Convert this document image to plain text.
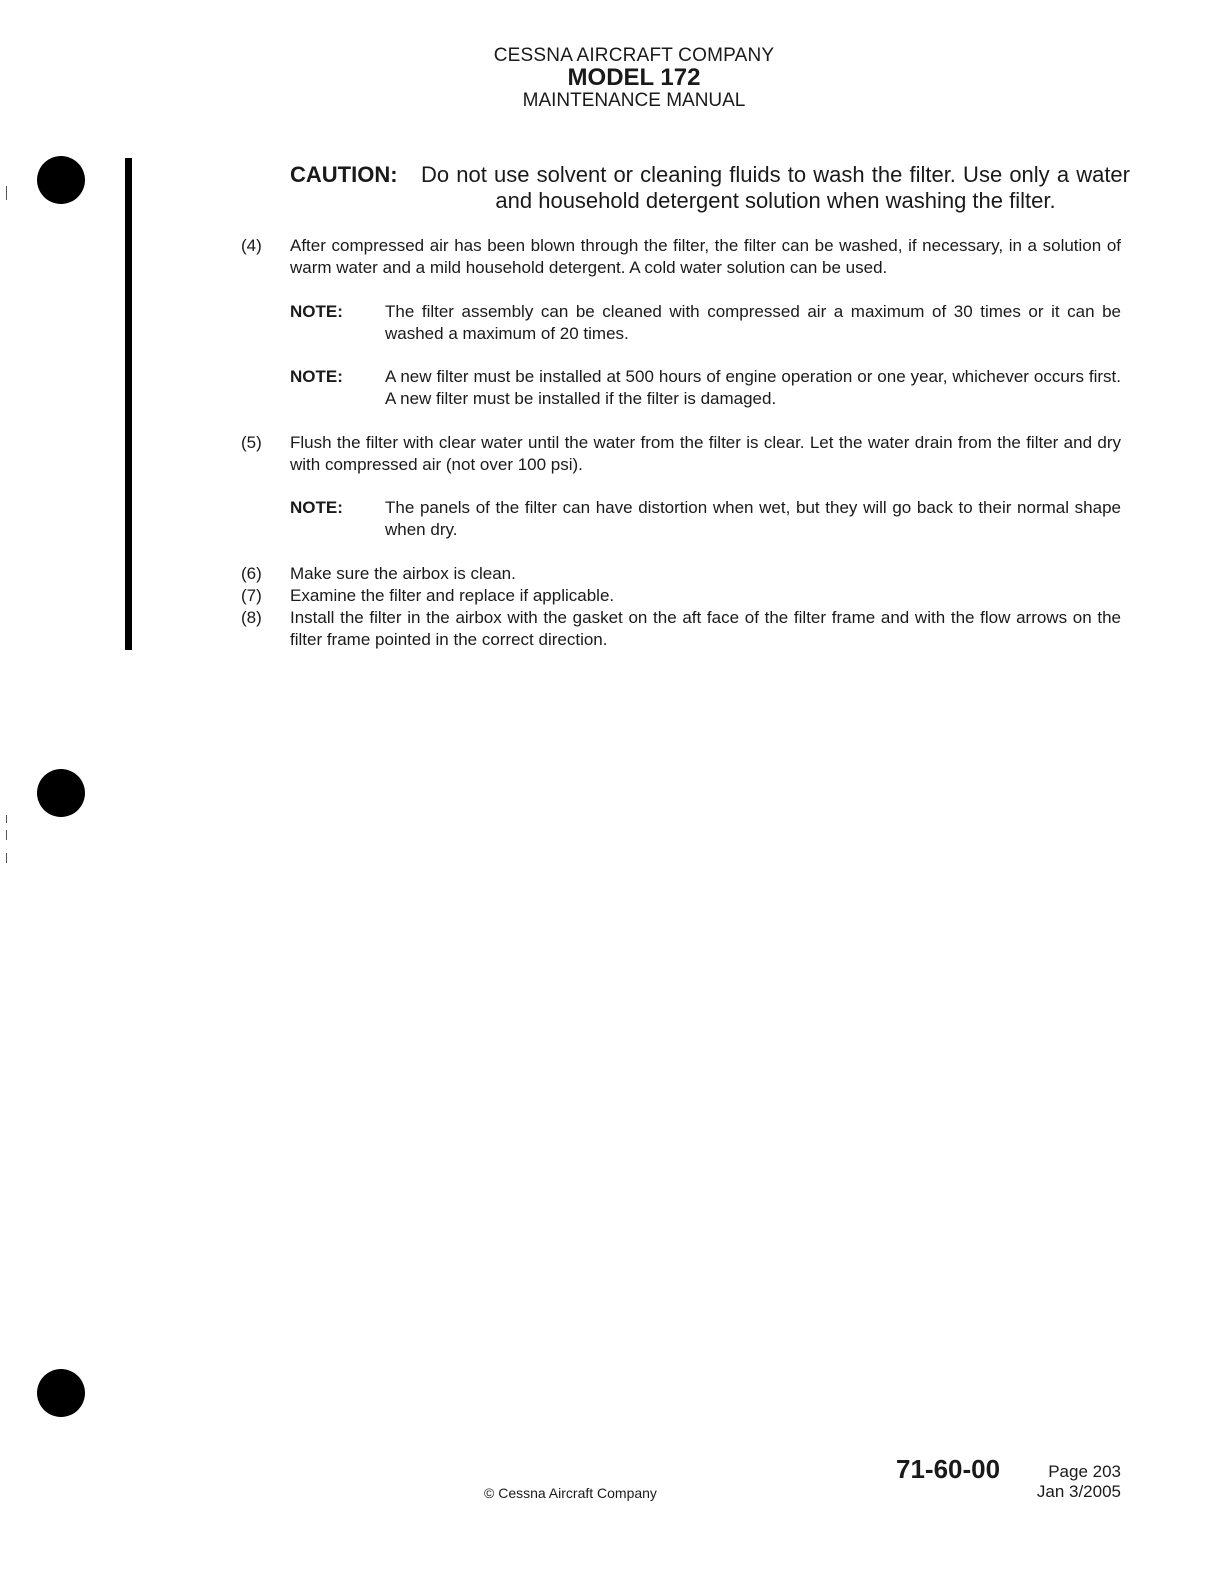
CESSNA AIRCRAFT COMPANY
MODEL 172
MAINTENANCE MANUAL
CAUTION: Do not use solvent or cleaning fluids to wash the filter. Use only a water and household detergent solution when washing the filter.
(4) After compressed air has been blown through the filter, the filter can be washed, if necessary, in a solution of warm water and a mild household detergent. A cold water solution can be used.
NOTE: The filter assembly can be cleaned with compressed air a maximum of 30 times or it can be washed a maximum of 20 times.
NOTE: A new filter must be installed at 500 hours of engine operation or one year, whichever occurs first. A new filter must be installed if the filter is damaged.
(5) Flush the filter with clear water until the water from the filter is clear. Let the water drain from the filter and dry with compressed air (not over 100 psi).
NOTE: The panels of the filter can have distortion when wet, but they will go back to their normal shape when dry.
(6) Make sure the airbox is clean.
(7) Examine the filter and replace if applicable.
(8) Install the filter in the airbox with the gasket on the aft face of the filter frame and with the flow arrows on the filter frame pointed in the correct direction.
© Cessna Aircraft Company
71-60-00	Page 203
Jan 3/2005
